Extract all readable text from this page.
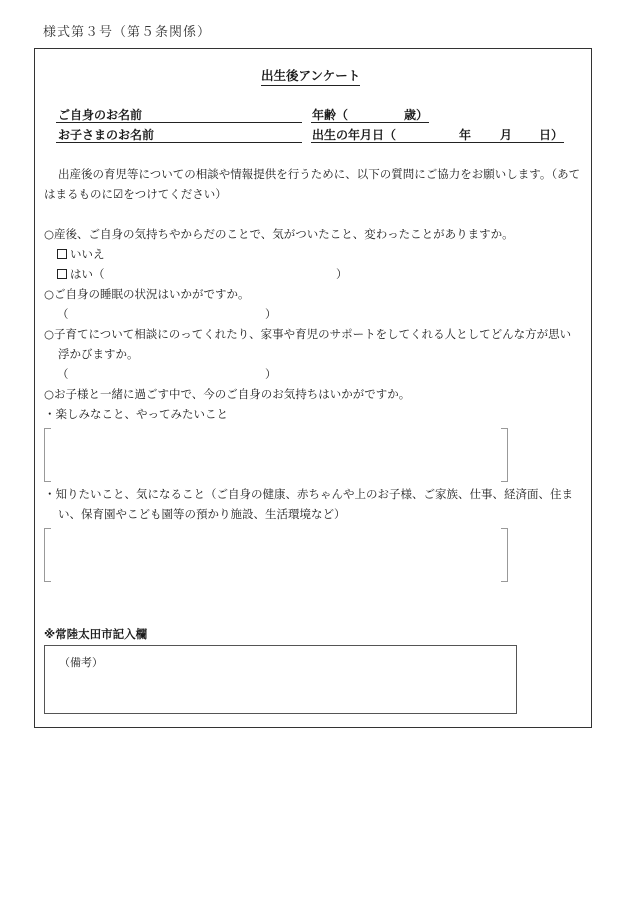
様式第３号（第５条関係）
出生後アンケート
ご自身のお名前	年齢（	歳）
お子さまのお名前	出生の年月日（	年 月 日）
出産後の育児等についての相談や情報提供を行うために、以下の質問にご協力をお願いします。（あて
はまるものに☑をつけてください）
○産後、ご自身の気持ちやからだのことで、気がついたこと、変わったことがありますか。
いいえ
はい（	）
○ご自身の睡眠の状況はいかがですか。
（	）
○子育てについて相談にのってくれたり、家事や育児のサポートをしてくれる人としてどんな方が思い
浮かびますか。
（	）
○お子様と一緒に過ごす中で、今のご自身のお気持ちはいかがですか。
・楽しみなこと、やってみたいこと
・知りたいこと、気になること（ご自身の健康、赤ちゃんや上のお子様、ご家族、仕事、経済面、住ま
い、保育園やこども園等の預かり施設、生活環境など）
※常陸太田市記入欄
（備考）
